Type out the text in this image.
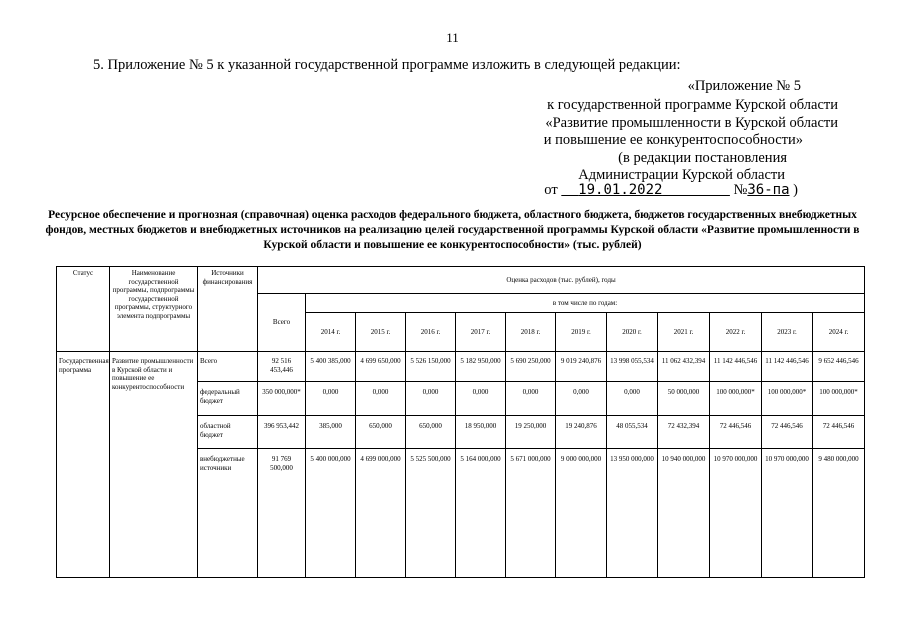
11
5. Приложение № 5 к указанной государственной программе изложить в следующей редакции:
«Приложение № 5
к государственной программе Курской области
«Развитие промышленности в Курской области
и повышение ее конкурентоспособности»
(в редакции постановления
Администрации Курской области
от 19.01.2022	№36-па )
Ресурсное обеспечение и прогнозная (справочная) оценка расходов федерального бюджета, областного бюджета, бюджетов государственных внебюджетных фондов, местных бюджетов и внебюджетных источников на реализацию целей государственной программы Курской области «Развитие промышленности в Курской области и повышение ее конкурентоспособности» (тыс. рублей)
Статус	Наименование государственной программы, подпрограммы государственной программы, структурного элемента подпрограммы	Источники финансирования	Оценка расходов (тыс. рублей), годы											
			Всего	в том числе по годам:										
				2014 г.	2015 г.	2016 г.	2017 г.	2018 г.	2019 г.	2020 г.	2021 г.	2022 г.	2023 г.	2024 г.
Государственная программа	Развитие промышленности в Курской области и повышение ее конкурентоспособности	Всего	92 516 453,446	5 400 385,000	4 699 650,000	5 526 150,000	5 182 950,000	5 690 250,000	9 019 240,876	13 998 055,534	11 062 432,394	11 142 446,546	11 142 446,546	9 652 446,546
		федеральный бюджет	350 000,000*	0,000	0,000	0,000	0,000	0,000	0,000	0,000	50 000,000	100 000,000*	100 000,000*	100 000,000*
		областной бюджет	396 953,442	385,000	650,000	650,000	18 950,000	19 250,000	19 240,876	48 055,534	72 432,394	72 446,546	72 446,546	72 446,546
		внебюджетные источники	91 769 500,000	5 400 000,000	4 699 000,000	5 525 500,000	5 164 000,000	5 671 000,000	9 000 000,000	13 950 000,000	10 940 000,000	10 970 000,000	10 970 000,000	9 480 000,000
